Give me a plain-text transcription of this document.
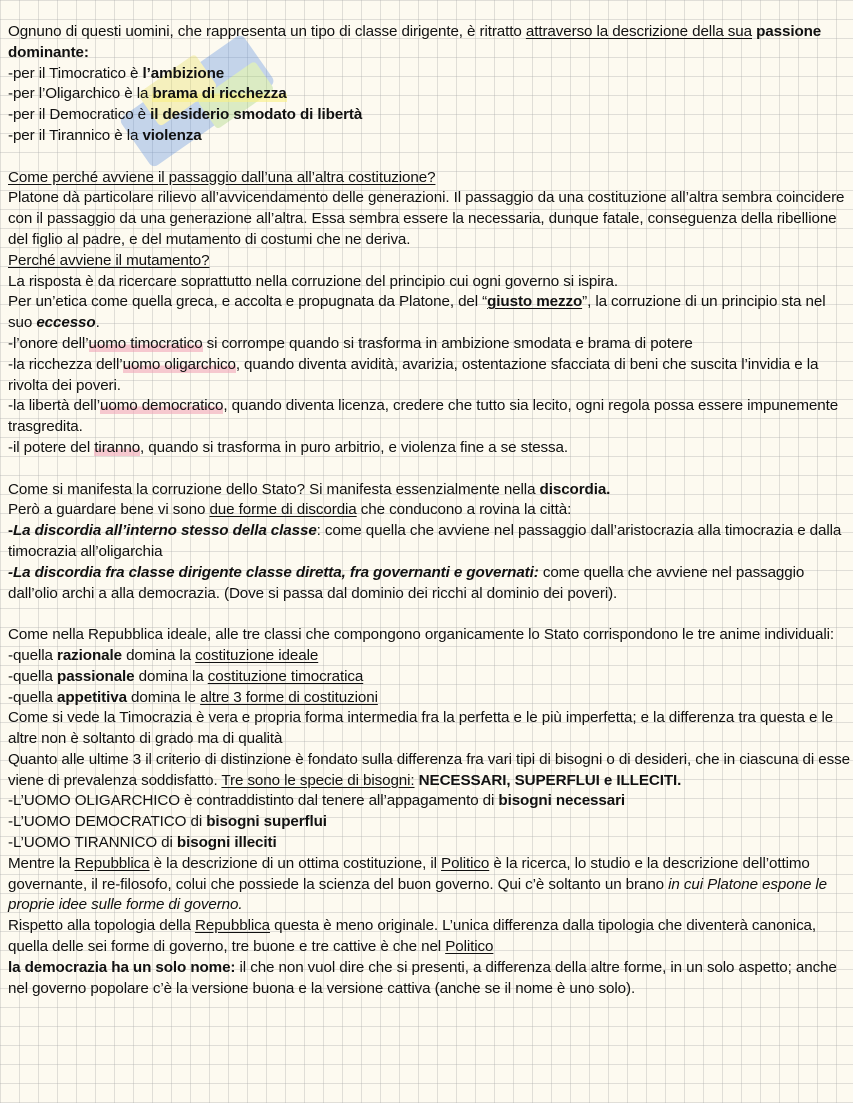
Ognuno di questi uomini, che rappresenta un tipo di classe dirigente, è ritratto attraverso la descrizione della sua passione dominante:

-per il Timocratico è l’ambizione

-per l’Oligarchico è la brama di ricchezza

-per il Democratico è il desiderio smodato di libertà

-per il Tirannico è la violenza

Come perché avviene il passaggio dall’una all’altra costituzione?

Platone dà particolare rilievo all’avvicendamento delle generazioni. Il passaggio da una costituzione all’altra sembra coincidere con il passaggio da una generazione all’altra. Essa sembra essere la necessaria, dunque fatale, conseguenza della ribellione del figlio al padre, e del mutamento di costumi che ne deriva.

Perché avviene il mutamento?

La risposta è da ricercare soprattutto nella corruzione del principio cui ogni governo si ispira.

Per un’etica come quella greca, e accolta e propugnata da Platone, del “giusto mezzo”, la corruzione di un principio sta nel suo eccesso.

-l’onore dell’uomo timocratico si corrompe quando si trasforma in ambizione smodata e brama di potere

-la ricchezza dell’uomo oligarchico, quando diventa avidità, avarizia, ostentazione sfacciata di beni che suscita l’invidia e la rivolta dei poveri.

-la libertà dell’uomo democratico, quando diventa licenza, credere che tutto sia lecito, ogni regola possa essere impunemente trasgredita.

-il potere del tiranno, quando si trasforma in puro arbitrio, e violenza fine a se stessa.

Come si manifesta la corruzione dello Stato? Si manifesta essenzialmente nella discordia.

Però a guardare bene vi sono due forme di discordia che conducono a rovina la città:

-La discordia all’interno stesso della classe: come quella che avviene nel passaggio dall’aristocrazia alla timocrazia e dalla timocrazia all’oligarchia

-La discordia fra classe dirigente classe diretta, fra governanti e governati: come quella che avviene nel passaggio dall’olio archi a alla democrazia. (Dove si passa dal dominio dei ricchi al dominio dei poveri).

Come nella Repubblica ideale, alle tre classi che compongono organicamente lo Stato corrispondono le tre anime individuali:

-quella razionale domina la costituzione ideale

-quella passionale domina la costituzione timocratica

-quella appetitiva domina le altre 3 forme di costituzioni

Come si vede la Timocrazia è vera e propria forma intermedia fra la perfetta e le più imperfetta; e la differenza tra questa e le altre non è soltanto di grado ma di qualità

Quanto alle ultime 3 il criterio di distinzione è fondato sulla differenza fra vari tipi di bisogni o di desideri, che in ciascuna di esse viene di prevalenza soddisfatto. Tre sono le specie di bisogni: NECESSARI, SUPERFLUI e ILLECITI.

-L’UOMO OLIGARCHICO è contraddistinto dal tenere all’appagamento di bisogni necessari

-L’UOMO DEMOCRATICO di bisogni superflui

-L’UOMO TIRANNICO di bisogni illeciti

Mentre la Repubblica è la descrizione di un ottima costituzione, il Politico è la ricerca, lo studio e la descrizione dell’ottimo governante, il re-filosofo, colui che possiede la scienza del buon governo. Qui c’è soltanto un brano in cui Platone espone le proprie idee sulle forme di governo.

Rispetto alla topologia della Repubblica questa è meno originale. L’unica differenza dalla tipologia che diventerà canonica, quella delle sei forme di governo, tre buone e tre cattive è che nel Politico

la democrazia ha un solo nome: il che non vuol dire che si presenti, a differenza della altre forme, in un solo aspetto; anche nel governo popolare c’è la versione buona e la versione cattiva (anche se il nome è uno solo).
